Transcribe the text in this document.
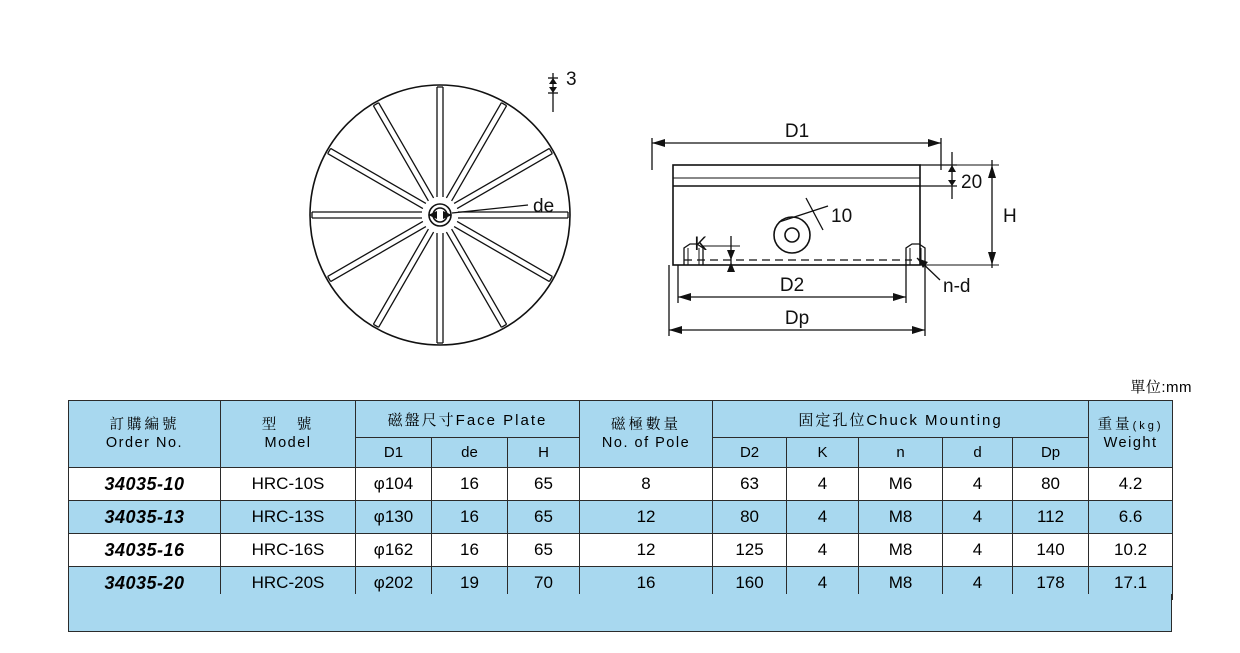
3
de
D1
20
H
10
K
D2
Dp
n-d
單位:mm
訂購編號
Order No.	型　號
Model	磁盤尺寸Face Plate			磁極數量
No. of Pole	固定孔位Chuck Mounting					重量(kg)
Weight

		D1	de	H		D2	K	n	d	Dp	
34035-10	HRC-10S	φ104	16	65	8	63	4	M6	4	80	4.2
34035-13	HRC-13S	φ130	16	65	12	80	4	M8	4	112	6.6
34035-16	HRC-16S	φ162	16	65	12	125	4	M8	4	140	10.2
34035-20	HRC-20S	φ202	19	70	16	160	4	M8	4	178	17.1
